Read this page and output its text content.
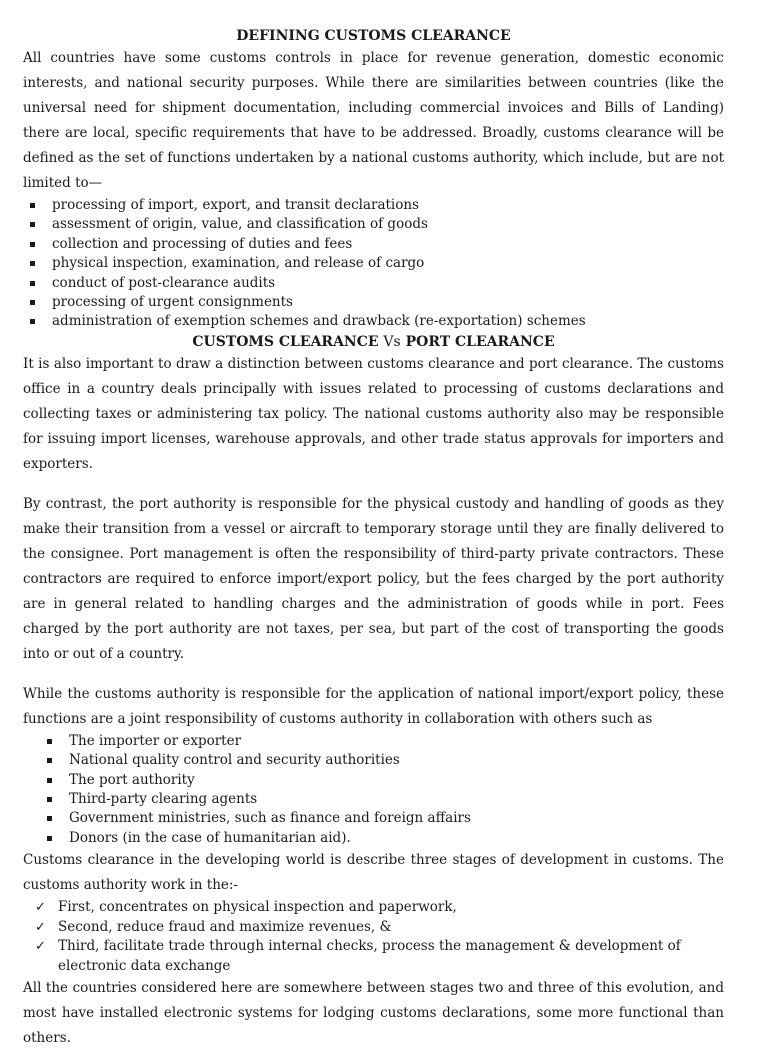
DEFINING CUSTOMS CLEARANCE

All countries have some customs controls in place for revenue generation, domestic economic interests, and national security purposes. While there are similarities between countries (like the universal need for shipment documentation, including commercial invoices and Bills of Landing) there are local, specific requirements that have to be addressed. Broadly, customs clearance will be defined as the set of functions undertaken by a national customs authority, which include, but are not limited to—

processing of import, export, and transit declarations
assessment of origin, value, and classification of goods
collection and processing of duties and fees
physical inspection, examination, and release of cargo
conduct of post-clearance audits
processing of urgent consignments
administration of exemption schemes and drawback (re-exportation) schemes
CUSTOMS CLEARANCE Vs PORT CLEARANCE

It is also important to draw a distinction between customs clearance and port clearance. The customs office in a country deals principally with issues related to processing of customs declarations and collecting taxes or administering tax policy. The national customs authority also may be responsible for issuing import licenses, warehouse approvals, and other trade status approvals for importers and exporters.

By contrast, the port authority is responsible for the physical custody and handling of goods as they make their transition from a vessel or aircraft to temporary storage until they are finally delivered to the consignee. Port management is often the responsibility of third-party private contractors. These contractors are required to enforce import/export policy, but the fees charged by the port authority are in general related to handling charges and the administration of goods while in port. Fees charged by the port authority are not taxes, per sea, but part of the cost of transporting the goods into or out of a country.

While the customs authority is responsible for the application of national import/export policy, these functions are a joint responsibility of customs authority in collaboration with others such as

The importer or exporter
National quality control and security authorities
The port authority
Third-party clearing agents
Government ministries, such as finance and foreign affairs
Donors (in the case of humanitarian aid).

Customs clearance in the developing world is describe three stages of development in customs. The customs authority work in the:-

✓ First, concentrates on physical inspection and paperwork,
✓ Second, reduce fraud and maximize revenues, &
✓ Third, facilitate trade through internal checks, process the management & development of electronic data exchange

All the countries considered here are somewhere between stages two and three of this evolution, and most have installed electronic systems for lodging customs declarations, some more functional than others.
